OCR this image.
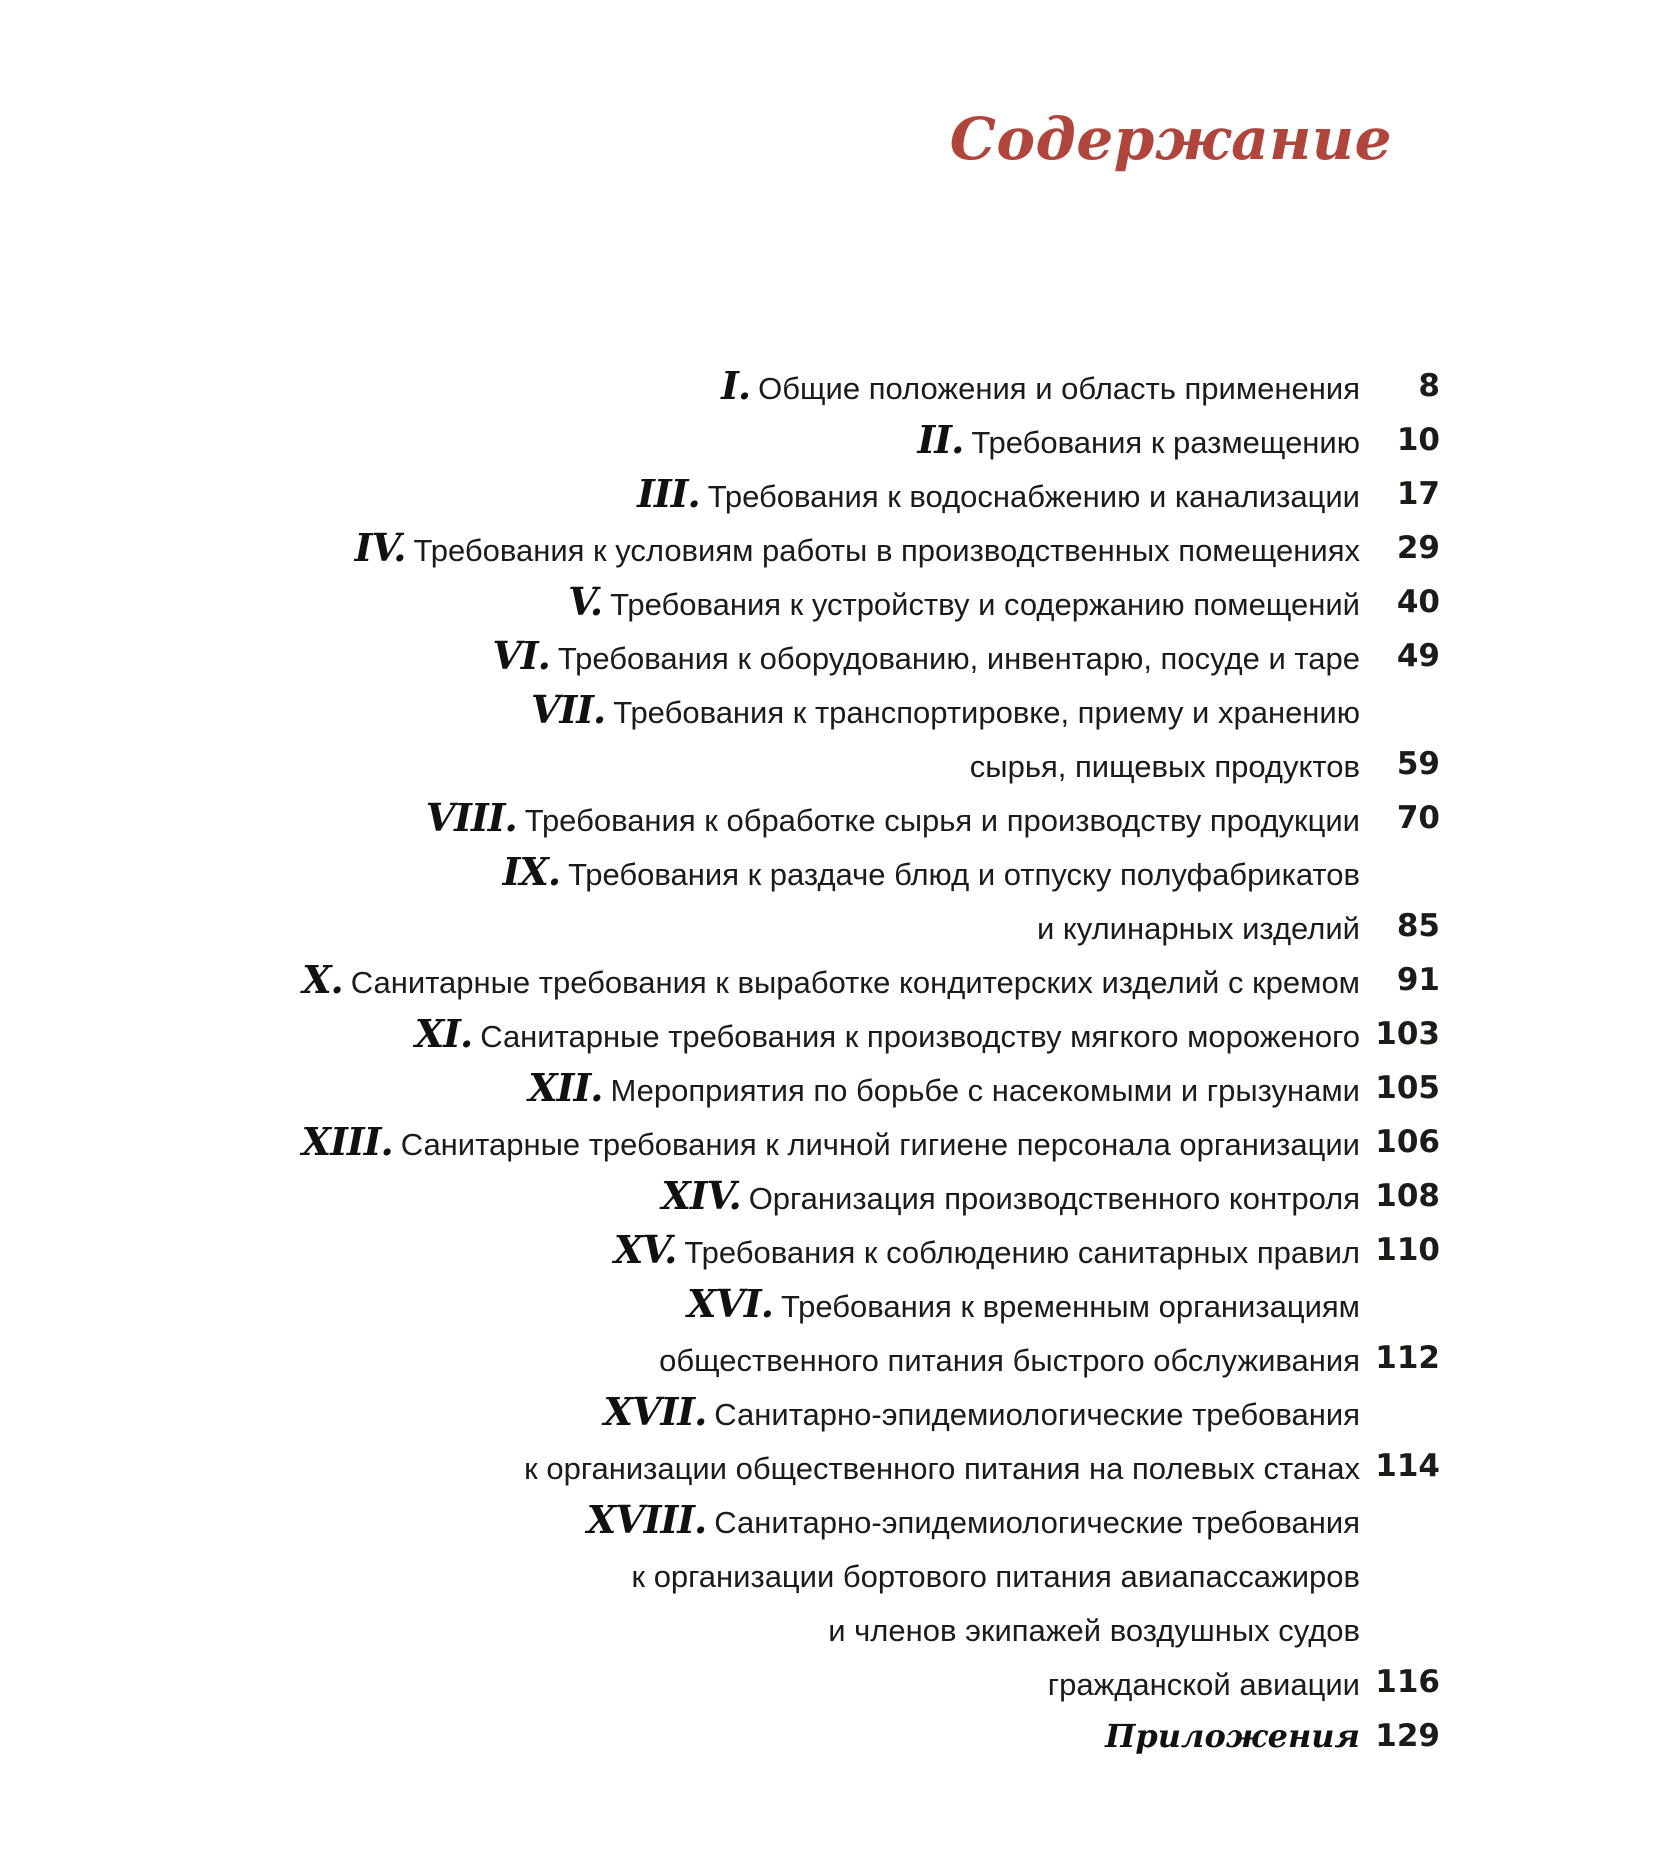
Содержание
I. Общие положения и область применения 8
II. Требования к размещению 10
III. Требования к водоснабжению и канализации 17
IV. Требования к условиям работы в производственных помещениях 29
V. Требования к устройству и содержанию помещений 40
VI. Требования к оборудованию, инвентарю, посуде и таре 49
VII. Требования к транспортировке, приему и хранению
сырья, пищевых продуктов 59
VIII. Требования к обработке сырья и производству продукции 70
IX. Требования к раздаче блюд и отпуску полуфабрикатов
и кулинарных изделий 85
X. Санитарные требования к выработке кондитерских изделий с кремом 91
XI. Санитарные требования к производству мягкого мороженого 103
XII. Мероприятия по борьбе с насекомыми и грызунами 105
XIII. Санитарные требования к личной гигиене персонала организации 106
XIV. Организация производственного контроля 108
XV. Требования к соблюдению санитарных правил 110
XVI. Требования к временным организациям
общественного питания быстрого обслуживания 112
XVII. Санитарно-эпидемиологические требования
к организации общественного питания на полевых станах 114
XVIII. Санитарно-эпидемиологические требования
к организации бортового питания авиапассажиров
и членов экипажей воздушных судов
гражданской авиации 116
Приложения 129
